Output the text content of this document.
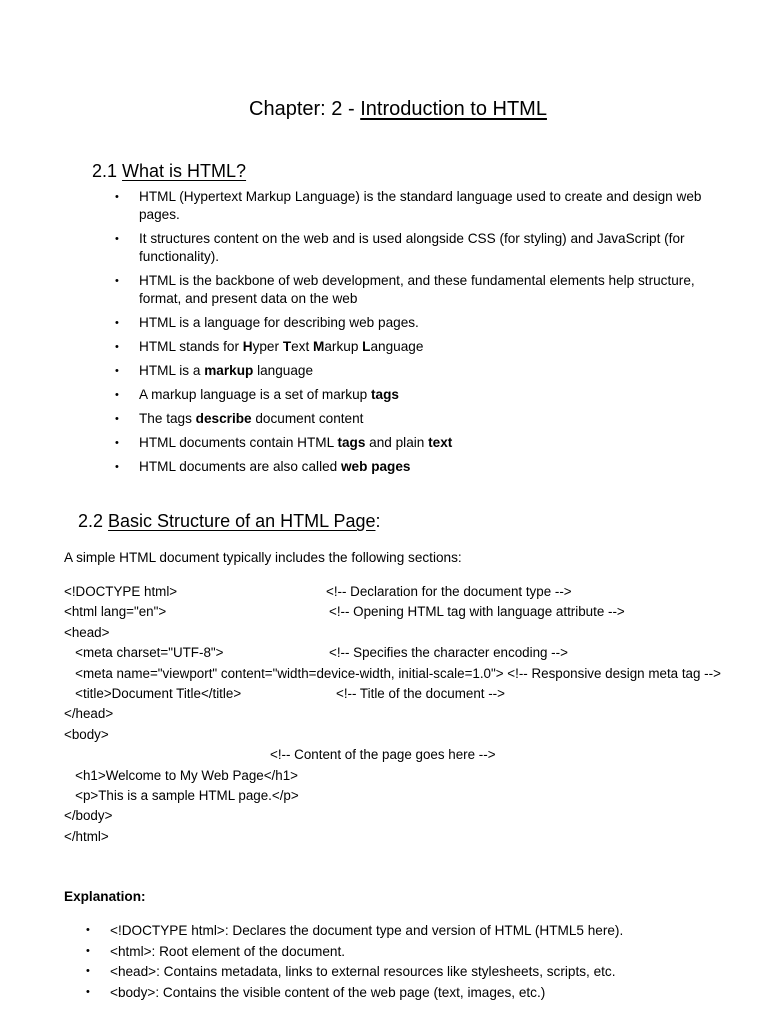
Chapter: 2 - Introduction to HTML
2.1 What is HTML?
• HTML (Hypertext Markup Language) is the standard language used to create and design web pages.
• It structures content on the web and is used alongside CSS (for styling) and JavaScript (for functionality).
• HTML is the backbone of web development, and these fundamental elements help structure, format, and present data on the web
• HTML is a language for describing web pages.
• HTML stands for Hyper Text Markup Language
• HTML is a markup language
• A markup language is a set of markup tags
• The tags describe document content
• HTML documents contain HTML tags and plain text
• HTML documents are also called web pages
2.2 Basic Structure of an HTML Page:
A simple HTML document typically includes the following sections:
<!DOCTYPE html>	<!-- Declaration for the document type -->
<html lang="en">	<!-- Opening HTML tag with language attribute -->
<head>
<meta charset="UTF-8">	<!-- Specifies the character encoding -->
<meta name="viewport" content="width=device-width, initial-scale=1.0"> <!-- Responsive design meta tag -->
<title>Document Title</title>	<!-- Title of the document -->
</head>
<body>
<!-- Content of the page goes here -->
<h1>Welcome to My Web Page</h1>
<p>This is a sample HTML page.</p>
</body>
</html>
Explanation:
• <!DOCTYPE html>: Declares the document type and version of HTML (HTML5 here).
• <html>: Root element of the document.
• <head>: Contains metadata, links to external resources like stylesheets, scripts, etc.
• <body>: Contains the visible content of the web page (text, images, etc.)
